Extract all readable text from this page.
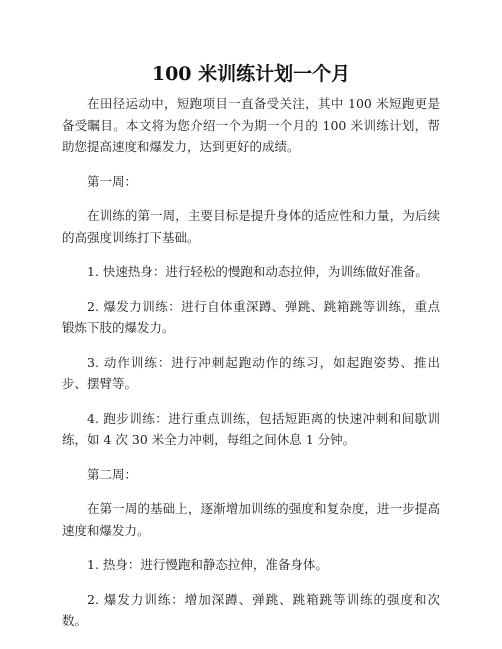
100 米训练计划一个月

在田径运动中，短跑项目一直备受关注，其中 100 米短跑更是备受瞩目。本文将为您介绍一个为期一个月的 100 米训练计划，帮助您提高速度和爆发力，达到更好的成绩。

第一周：

在训练的第一周，主要目标是提升身体的适应性和力量，为后续的高强度训练打下基础。

1. 快速热身：进行轻松的慢跑和动态拉伸，为训练做好准备。

2. 爆发力训练：进行自体重深蹲、弹跳、跳箱跳等训练，重点锻炼下肢的爆发力。

3. 动作训练：进行冲刺起跑动作的练习，如起跑姿势、推出步、摆臂等。

4. 跑步训练：进行重点训练，包括短距离的快速冲刺和间歇训练，如 4 次 30 米全力冲刺，每组之间休息 1 分钟。

第二周：

在第一周的基础上，逐渐增加训练的强度和复杂度，进一步提高速度和爆发力。

1. 热身：进行慢跑和静态拉伸，准备身体。

2. 爆发力训练：增加深蹲、弹跳、跳箱跳等训练的强度和次数。
